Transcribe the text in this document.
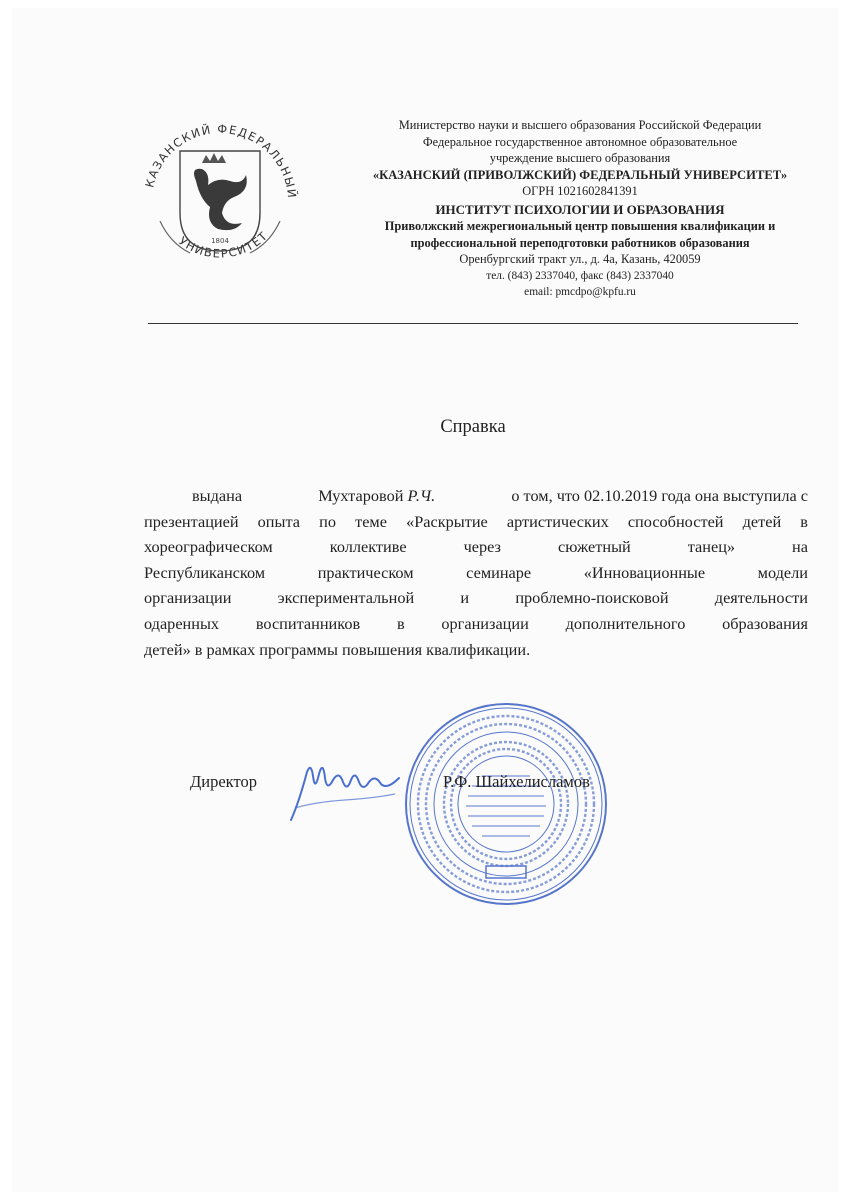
КАЗАНСКИЙ ФЕДЕРАЛЬНЫЙ
УНИВЕРСИТЕТ
1804
Министерство науки и высшего образования Российской Федерации
Федеральное государственное автономное образовательное
учреждение высшего образования
«КАЗАНСКИЙ (ПРИВОЛЖСКИЙ) ФЕДЕРАЛЬНЫЙ УНИВЕРСИТЕТ»
ОГРН 1021602841391
ИНСТИТУТ ПСИХОЛОГИИ И ОБРАЗОВАНИЯ
Приволжский межрегиональный центр повышения квалификации и
профессиональной переподготовки работников образования
Оренбургский тракт ул., д. 4а, Казань, 420059
тел. (843) 2337040, факс (843) 2337040
email: pmcdpo@kpfu.ru
Справка
выдана	Мухтаровой Р.Ч.	о том, что 02.10.2019 года она выступила с
презентацией опыта по теме «Раскрытие артистических способностей детей в
хореографическом коллективе через сюжетный танец» на
Республиканском практическом семинаре «Инновационные модели
организации экспериментальной и проблемно-поисковой деятельности
одаренных воспитанников в организации дополнительного образования
детей» в рамках программы повышения квалификации.
Директор	Р.Ф. Шайхелисламов
